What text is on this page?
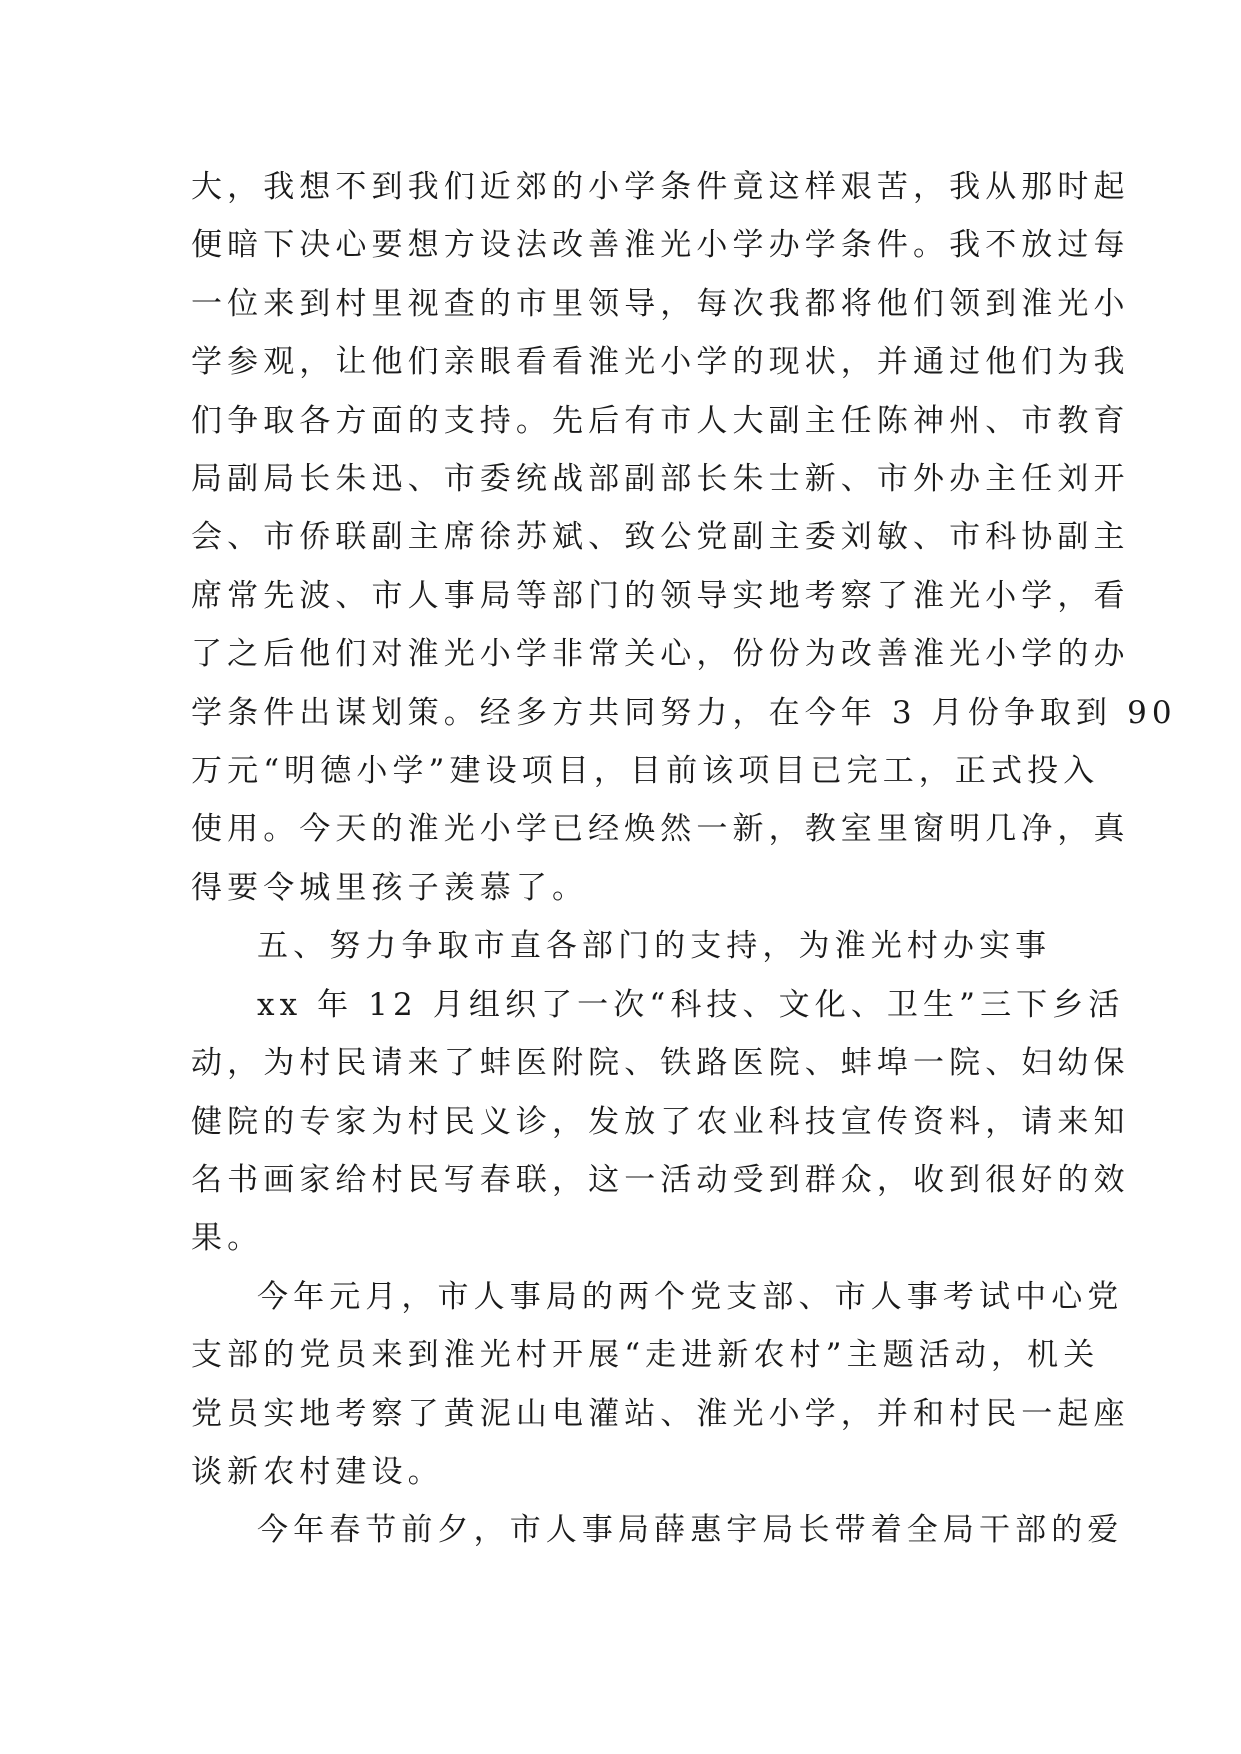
大，我想不到我们近郊的小学条件竟这样艰苦，我从那时起
便暗下决心要想方设法改善淮光小学办学条件。我不放过每
一位来到村里视查的市里领导，每次我都将他们领到淮光小
学参观，让他们亲眼看看淮光小学的现状，并通过他们为我
们争取各方面的支持。先后有市人大副主任陈神州、市教育
局副局长朱迅、市委统战部副部长朱士新、市外办主任刘开
会、市侨联副主席徐苏斌、致公党副主委刘敏、市科协副主
席常先波、市人事局等部门的领导实地考察了淮光小学，看
了之后他们对淮光小学非常关心，份份为改善淮光小学的办
学条件出谋划策。经多方共同努力，在今年 3 月份争取到 90
万元“明德小学”建设项目，目前该项目已完工，正式投入
使用。今天的淮光小学已经焕然一新，教室里窗明几净，真
得要令城里孩子羡慕了。
五、努力争取市直各部门的支持，为淮光村办实事
xx 年 12 月组织了一次“科技、文化、卫生”三下乡活
动，为村民请来了蚌医附院、铁路医院、蚌埠一院、妇幼保
健院的专家为村民义诊，发放了农业科技宣传资料，请来知
名书画家给村民写春联，这一活动受到群众，收到很好的效
果。
今年元月，市人事局的两个党支部、市人事考试中心党
支部的党员来到淮光村开展“走进新农村”主题活动，机关
党员实地考察了黄泥山电灌站、淮光小学，并和村民一起座
谈新农村建设。
今年春节前夕，市人事局薛惠宇局长带着全局干部的爱
